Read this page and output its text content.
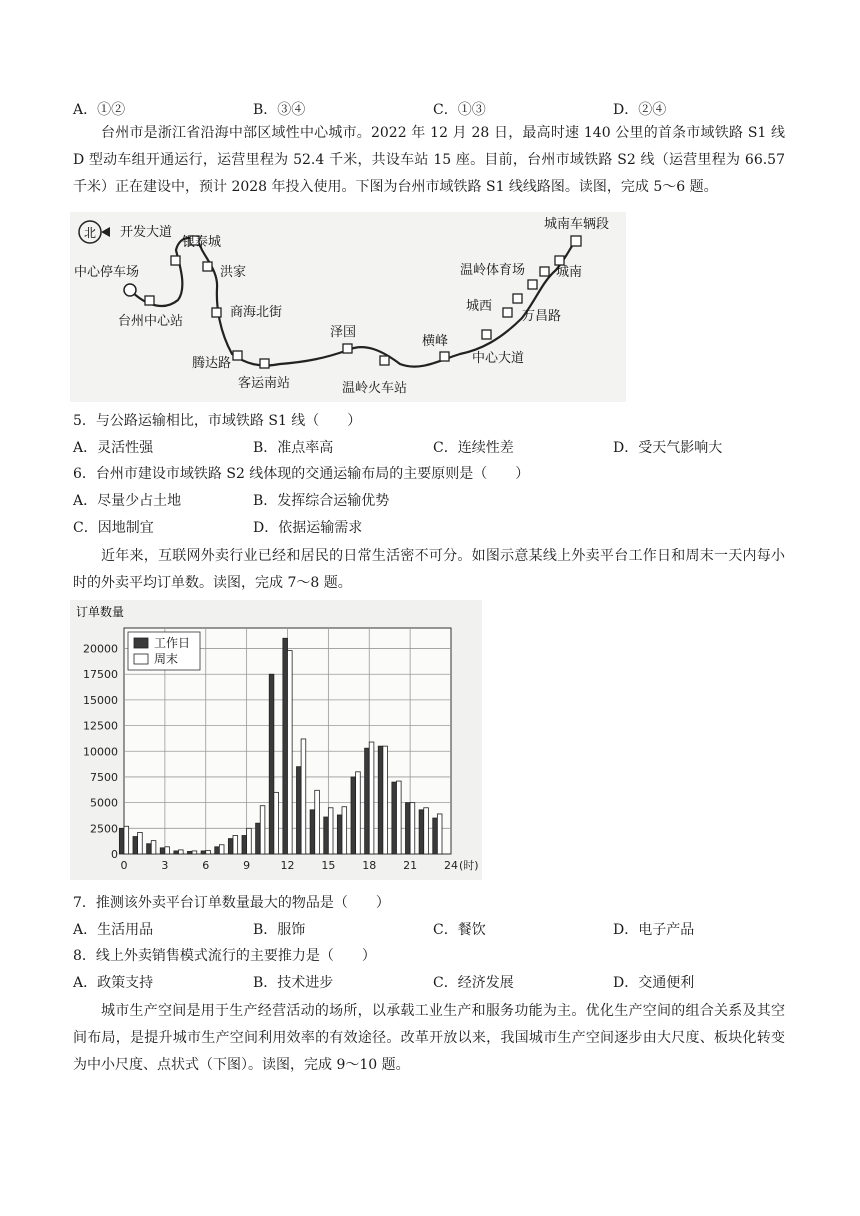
A．①②	B．③④	C．①③	D．②④

台州市是浙江省沿海中部区域性中心城市。2022 年 12 月 28 日，最高时速 140 公里的首条市域铁路 S1 线 D 型动车组开通运行，运营里程为 52.4 千米，共设车站 15 座。目前，台州市域铁路 S2 线（运营里程为 66.57 千米）正在建设中，预计 2028 年投入使用。下图为台州市域铁路 S1 线线路图。读图，完成 5～6 题。

北
中心停车场
开发大道
台州中心站
银泰城
洪家
商海北街
腾达路
客运南站
泽国
温岭火车站
横峰
中心大道
城西
万昌路
温岭体育场 城南
城南车辆段
5．与公路运输相比，市域铁路 S1 线（　　）
A．灵活性强	B．准点率高	C．连续性差	D．受天气影响大
6．台州市建设市域铁路 S2 线体现的交通运输布局的主要原则是（　　）
A．尽量少占土地	B．发挥综合运输优势
C．因地制宜	D．依据运输需求

近年来，互联网外卖行业已经和居民的日常生活密不可分。如图示意某线上外卖平台工作日和周末一天内每小时的外卖平均订单数。读图，完成 7～8 题。

订单数量
0
2500
5000
7500
10000
12500
15000
17500
20000
0	3	6	9	12 15 18 21 24 (时)
工作日
周末
7．推测该外卖平台订单数量最大的物品是（　　）
A．生活用品	B．服饰	C．餐饮	D．电子产品
8．线上外卖销售模式流行的主要推力是（　　）
A．政策支持	B．技术进步	C．经济发展	D．交通便利

城市生产空间是用于生产经营活动的场所，以承载工业生产和服务功能为主。优化生产空间的组合关系及其空间布局，是提升城市生产空间利用效率的有效途径。改革开放以来，我国城市生产空间逐步由大尺度、板块化转变为中小尺度、点状式（下图）。读图，完成 9～10 题。
